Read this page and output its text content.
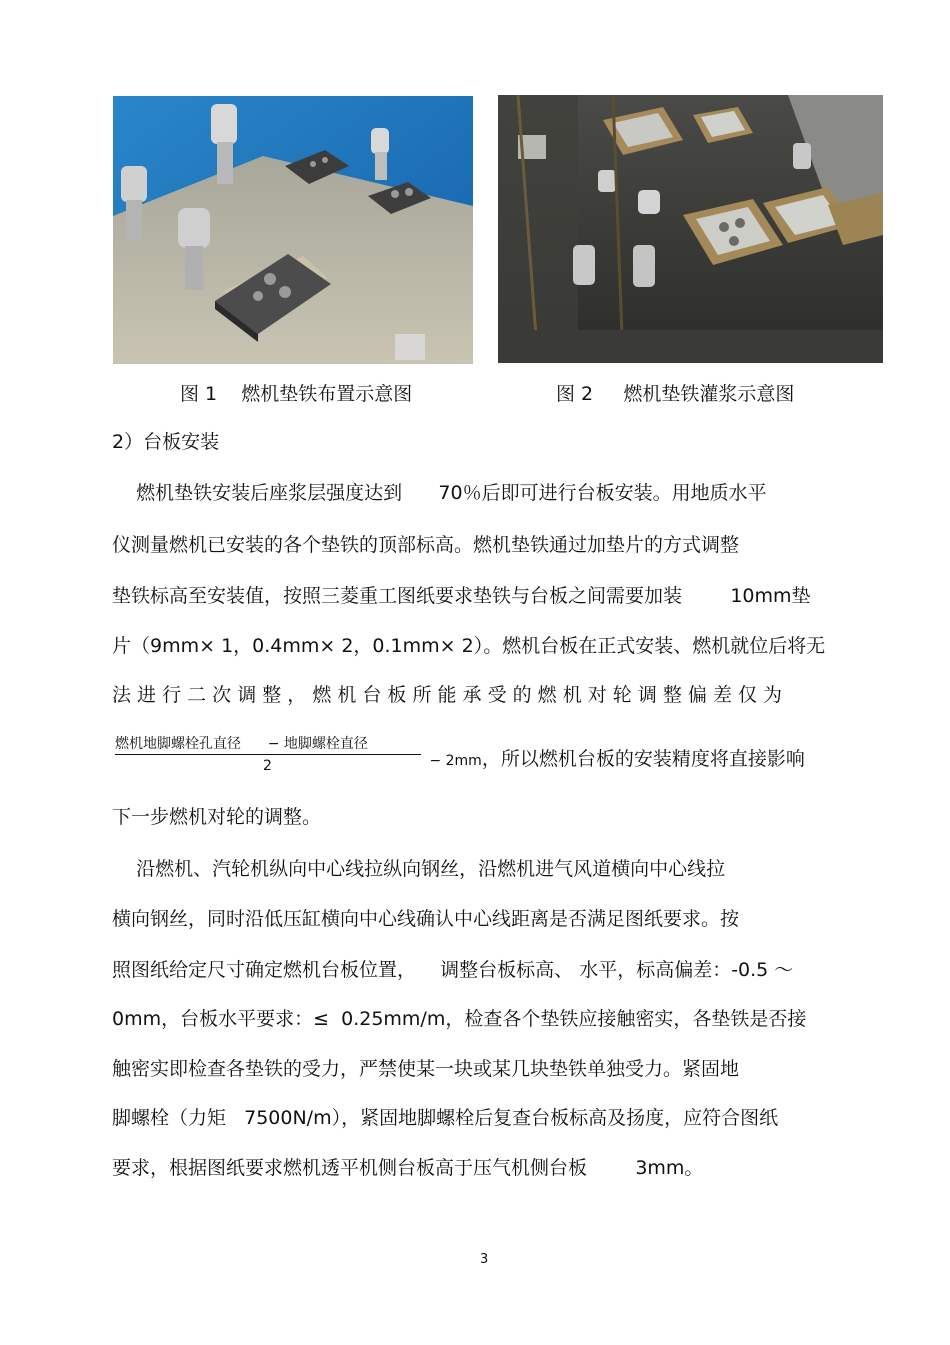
图 1    燃机垫铁布置示意图	图 2     燃机垫铁灌浆示意图
2）台板安装
燃机垫铁安装后座浆层强度达到      70％后即可进行台板安装。用地质水平
仪测量燃机已安装的各个垫铁的顶部标高。燃机垫铁通过加垫片的方式调整
垫铁标高至安装值，按照三菱重工图纸要求垫铁与台板之间需要加装        10mm垫
片（9mm× 1，0.4mm× 2，0.1mm× 2）。燃机台板在正式安装、燃机就位后将无
法 进 行 二 次 调 整 ， 燃 机 台 板 所 能 承 受 的 燃 机 对 轮 调 整 偏 差 仅 为
燃机地脚螺栓孔直径      − 地脚螺栓直径
2	− 2mm，所以燃机台板的安装精度将直接影响
下一步燃机对轮的调整。
沿燃机、汽轮机纵向中心线拉纵向钢丝，沿燃机进气风道横向中心线拉
横向钢丝，同时沿低压缸横向中心线确认中心线距离是否满足图纸要求。按
照图纸给定尺寸确定燃机台板位置，    调整台板标高、 水平，标高偏差：-0.5 ～
0mm，台板水平要求：≤  0.25mm/m，检查各个垫铁应接触密实，各垫铁是否接
触密实即检查各垫铁的受力，严禁使某一块或某几块垫铁单独受力。紧固地
脚螺栓（力矩   7500N/m），紧固地脚螺栓后复查台板标高及扬度，应符合图纸
要求，根据图纸要求燃机透平机侧台板高于压气机侧台板        3mm。
3
